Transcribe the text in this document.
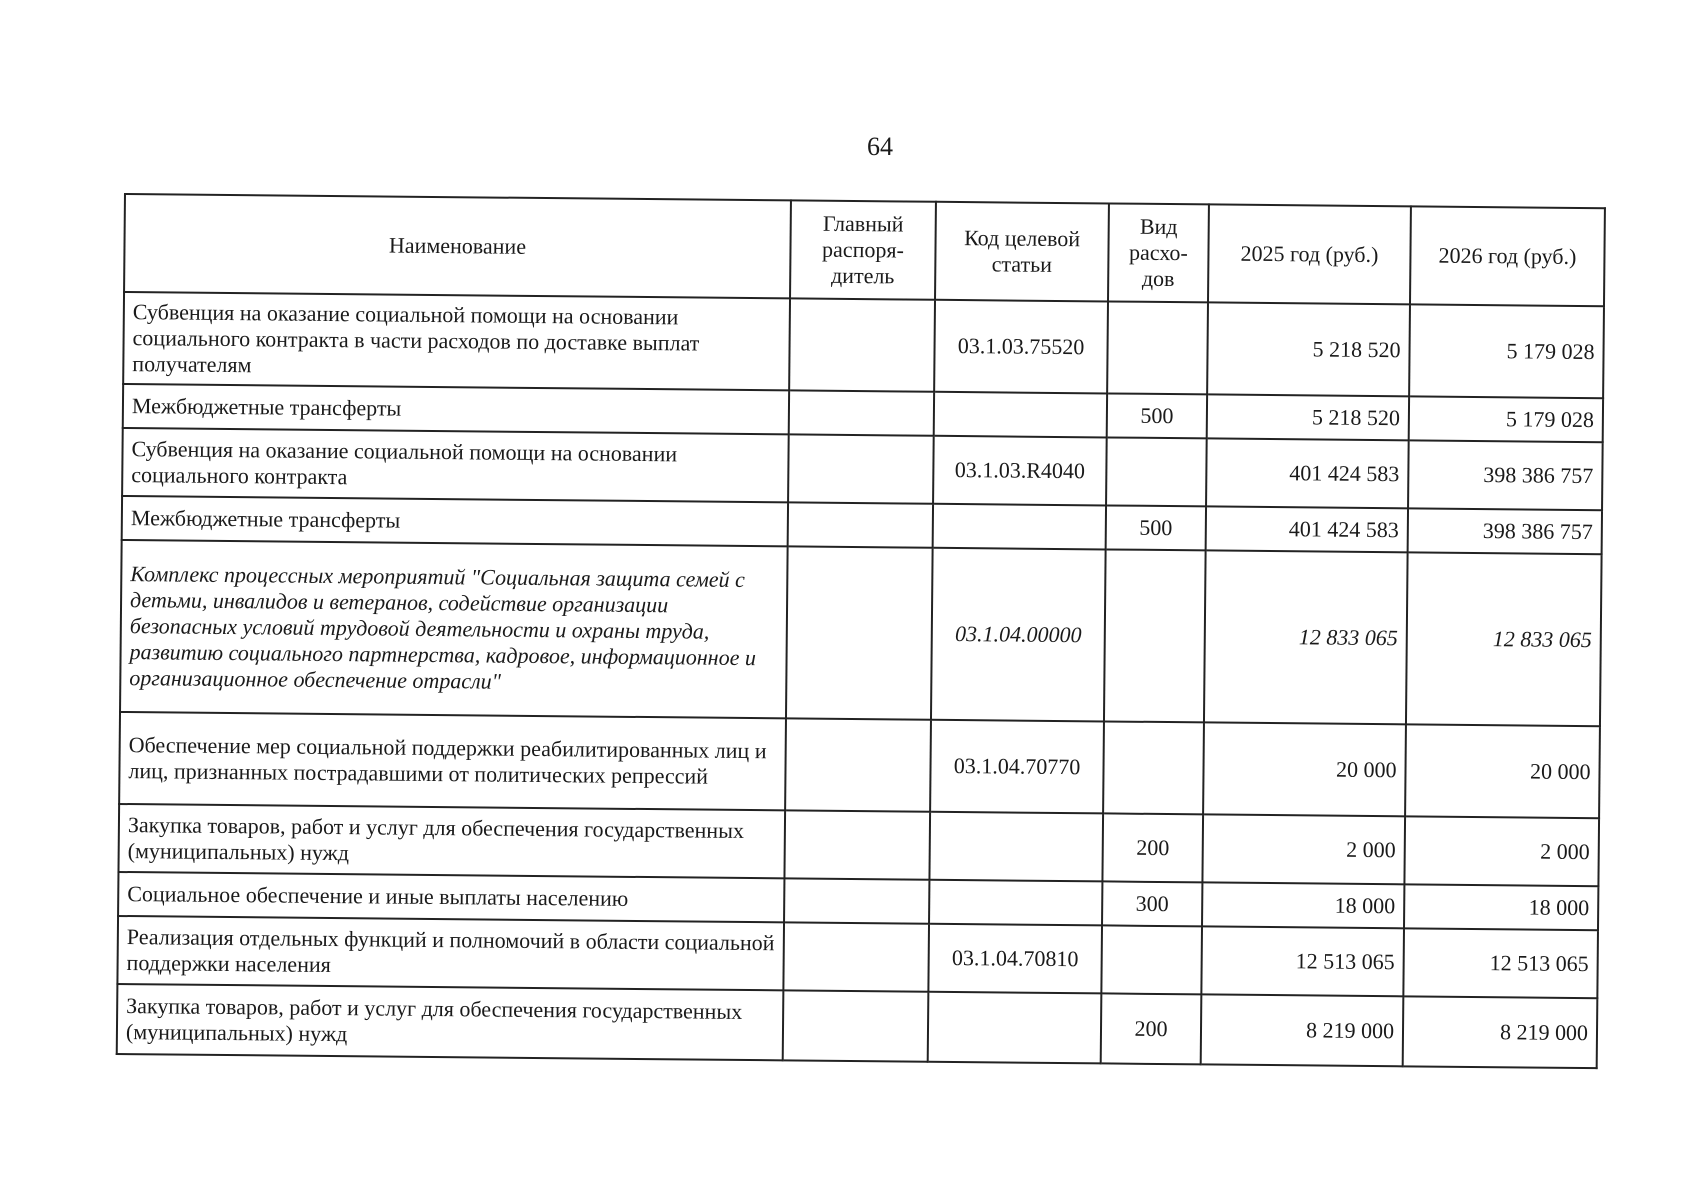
64
Наименование	Главный распоря-дитель	Код целевой статьи	Вид расхо-дов	2025 год (руб.)	2026 год (руб.)
Субвенция на оказание социальной помощи на основании социального контракта в части расходов по доставке выплат получателям		03.1.03.75520		5 218 520	5 179 028
Межбюджетные трансферты			500	5 218 520	5 179 028
Субвенция на оказание социальной помощи на основании социального контракта		03.1.03.R4040		401 424 583	398 386 757
Межбюджетные трансферты			500	401 424 583	398 386 757
Комплекс процессных мероприятий "Социальная защита семей с детьми, инвалидов и ветеранов, содействие организации безопасных условий трудовой деятельности и охраны труда, развитию социального партнерства, кадровое, информационное и организационное обеспечение отрасли"		03.1.04.00000		12 833 065	12 833 065
Обеспечение мер социальной поддержки реабилитированных лиц и лиц, признанных пострадавшими от политических репрессий		03.1.04.70770		20 000	20 000
Закупка товаров, работ и услуг для обеспечения государственных (муниципальных) нужд			200	2 000	2 000
Социальное обеспечение и иные выплаты населению			300	18 000	18 000
Реализация отдельных функций и полномочий в области социальной поддержки населения		03.1.04.70810		12 513 065	12 513 065
Закупка товаров, работ и услуг для обеспечения государственных (муниципальных) нужд			200	8 219 000	8 219 000
